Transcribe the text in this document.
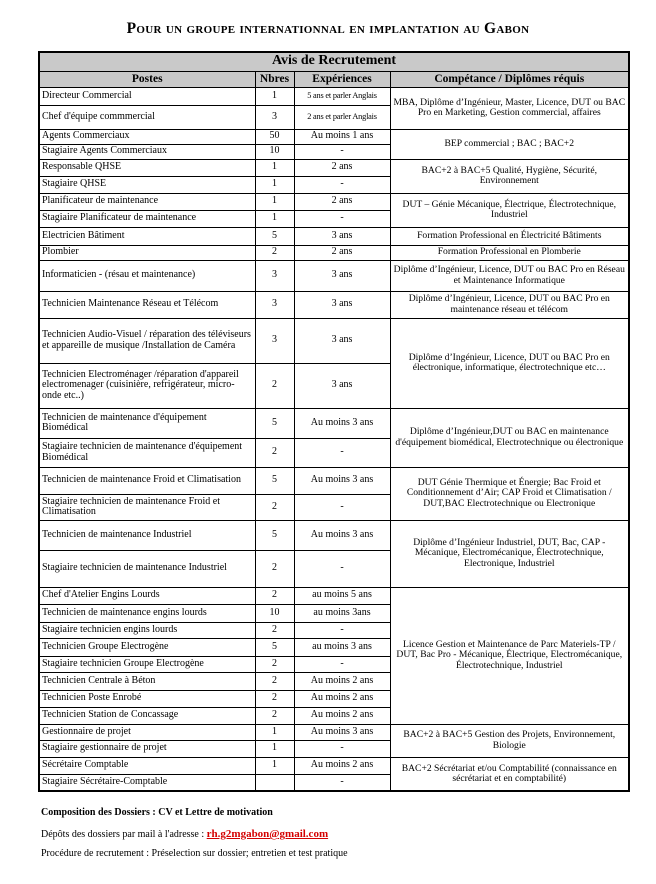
Pour un groupe internationnal en implantation au Gabon
Avis de Recrutement			
Postes	Nbres	Expériences	Compétance / Diplômes réquis
Directeur Commercial	1	5 ans et parler Anglais	MBA, Diplôme d’Ingénieur, Master, Licence, DUT ou BAC Pro en Marketing, Gestion commercial, affaires
Chef d'équipe commmercial	3	2 ans et parler Anglais	
Agents Commerciaux	50	Au moins 1 ans	BEP commercial ; BAC ; BAC+2
Stagiaire Agents Commerciaux	10	-	
Responsable QHSE	1	2 ans	BAC+2 à BAC+5 Qualité, Hygiène, Sécurité, Environnement
Stagiaire QHSE	1	-	
Planificateur de maintenance	1	2 ans	DUT – Génie Mécanique, Électrique, Électrotechnique, Industriel
Stagiaire Planificateur de maintenance	1	-	
Electricien Bâtiment	5	3 ans	Formation Professional en Électricité Bâtiments
Plombier	2	2 ans	Formation Professional en Plomberie
Informaticien - (résau et maintenance)	3	3 ans	Diplôme d’Ingénieur, Licence, DUT ou BAC Pro en Réseau et Maintenance Informatique
Technicien Maintenance Réseau et Télécom	3	3 ans	Diplôme d’Ingénieur, Licence, DUT ou BAC Pro en maintenance réseau et télécom
Technicien Audio-Visuel / réparation des téléviseurs et appareille de musique /Installation de Caméra	3	3 ans	Diplôme d’Ingénieur, Licence, DUT ou BAC Pro en électronique, informatique, électrotechnique etc…
Technicien Electroménager /réparation d'appareil electromenager (cuisinière, refrigérateur, micro-onde etc..)	2	3 ans	
Technicien de maintenance d'équipement Biomédical	5	Au moins 3 ans	Diplôme d’Ingénieur,DUT ou BAC en maintenance d'équipement biomédical, Electrotechnique ou électronique
Stagiaire technicien de maintenance d'équipement Biomédical	2	-	
Technicien de maintenance Froid et Climatisation	5	Au moins 3 ans	DUT Génie Thermique et Énergie; Bac Froid et Conditionnement d’Air; CAP Froid et Climatisation / DUT,BAC Electrotechnique ou Electronique
Stagiaire technicien de maintenance Froid et Climatisation	2	-	
Technicien de maintenance Industriel	5	Au moins 3 ans	Diplôme d’Ingénieur Industriel, DUT, Bac, CAP - Mécanique, Electromécanique, Électrotechnique, Electronique, Industriel
Stagiaire technicien de maintenance Industriel	2	-	
Chef d'Atelier Engins Lourds	2	au moins 5 ans	Licence Gestion et Maintenance de Parc Materiels-TP / DUT, Bac Pro - Mécanique, Électrique, Electromécanique, Électrotechnique, Industriel
Technicien de maintenance engins lourds	10	au moins 3ans	
Stagiaire technicien engins lourds	2	-	
Technicien Groupe Electrogène	5	au moins 3 ans	
Stagiaire technicien Groupe Electrogène	2	-	
Technicien Centrale à Béton	2	Au moins 2 ans	
Technicien Poste Enrobé	2	Au moins 2 ans	
Technicien Station de Concassage	2	Au moins 2 ans	
Gestionnaire de projet	1	Au moins 3 ans	BAC+2 à BAC+5 Gestion des Projets, Environnement, Biologie
Stagiaire gestionnaire de projet	1	-	
Sécrétaire Comptable	1	Au moins 2 ans	BAC+2 Sécrétariat et/ou Comptabilité (connaissance en sécrétariat et en comptabilité)
Stagiaire Sécrétaire-Comptable		-	
Composition des Dossiers : CV et Lettre de motivation
Dépôts des dossiers par mail à l'adresse : rh.g2mgabon@gmail.com
Procédure de recrutement : Préselection sur dossier; entretien et test pratique
